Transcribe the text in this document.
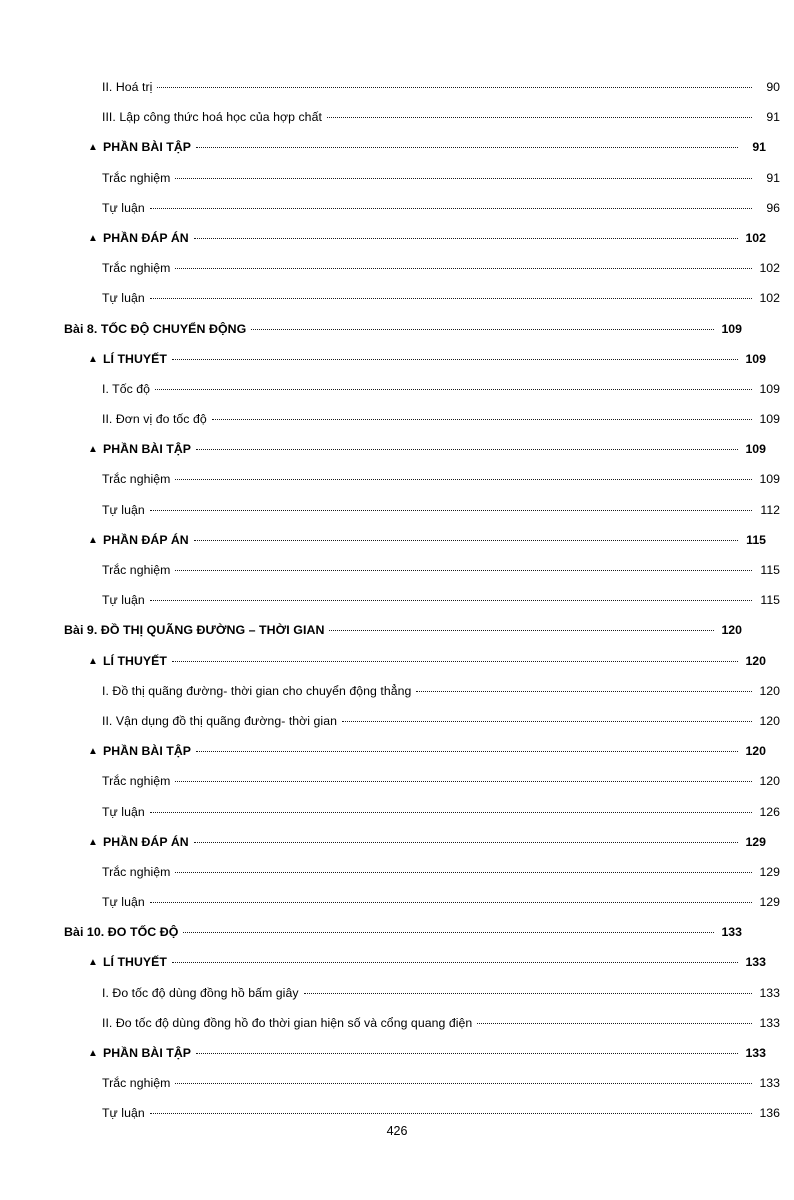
II. Hoá trị	90
III. Lập công thức hoá học của hợp chất	91
▲ PHẦN BÀI TẬP	91
Trắc nghiệm	91
Tự luận	96
▲ PHẦN ĐÁP ÁN	102
Trắc nghiệm	102
Tự luận	102
Bài 8. TỐC ĐỘ CHUYỂN ĐỘNG	109
▲ LÍ THUYẾT	109
I. Tốc độ	109
II. Đơn vị đo tốc độ	109
▲ PHẦN BÀI TẬP	109
Trắc nghiệm	109
Tự luận	112
▲ PHẦN ĐÁP ÁN	115
Trắc nghiệm	115
Tự luận	115
Bài 9. ĐỒ THỊ QUÃNG ĐƯỜNG – THỜI GIAN	120
▲ LÍ THUYẾT	120
I. Đồ thị quãng đường- thời gian cho chuyển động thẳng	120
II. Vận dụng đồ thị quãng đường- thời gian	120
▲ PHẦN BÀI TẬP	120
Trắc nghiệm	120
Tự luận	126
▲ PHẦN ĐÁP ÁN	129
Trắc nghiệm	129
Tự luận	129
Bài 10. ĐO TỐC ĐỘ	133
▲ LÍ THUYẾT	133
I. Đo tốc độ dùng đồng hồ bấm giây	133
II. Đo tốc độ dùng đồng hồ đo thời gian hiện số và cổng quang điện	133
▲ PHẦN BÀI TẬP	133
Trắc nghiệm	133
Tự luận	136
426
